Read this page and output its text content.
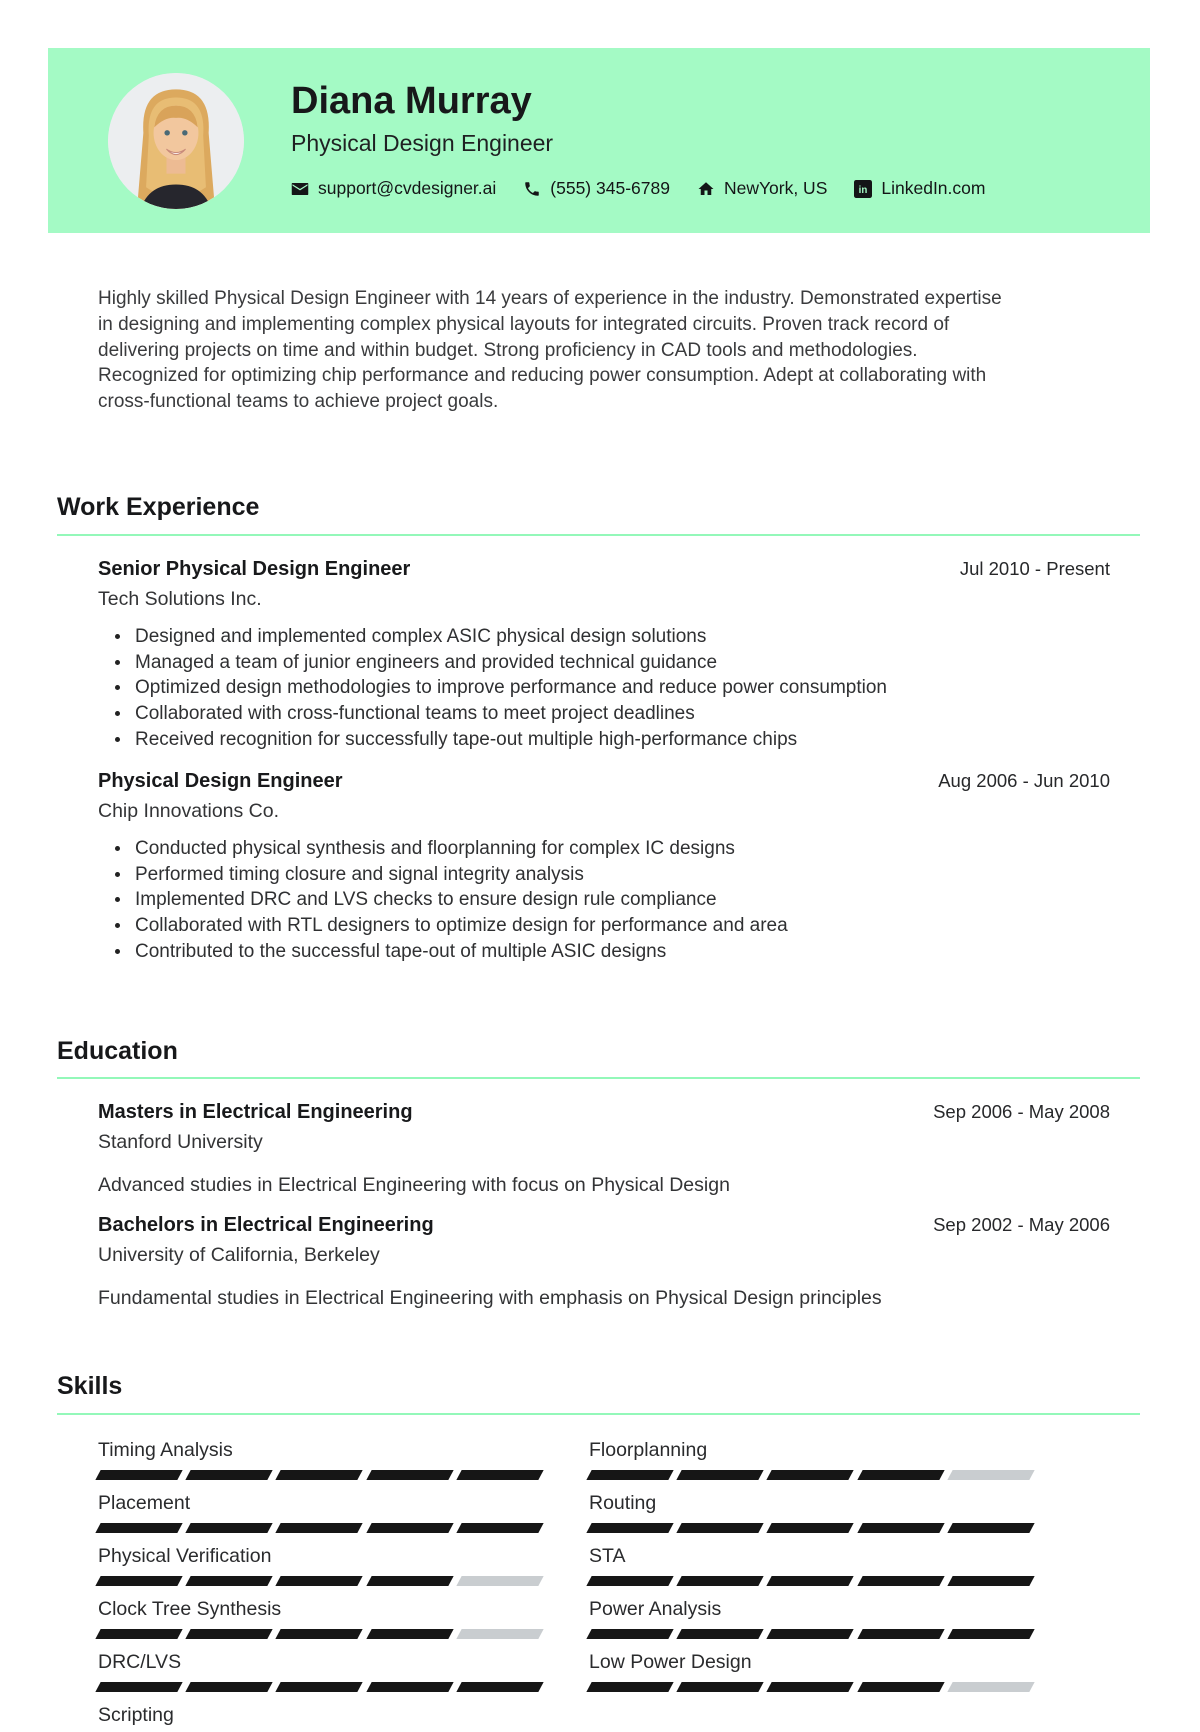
Diana Murray
Physical Design Engineer
support@cvdesigner.ai	(555) 345-6789	NewYork, US in LinkedIn.com

Highly skilled Physical Design Engineer with 14 years of experience in the industry. Demonstrated expertise in designing and implementing complex physical layouts for integrated circuits. Proven track record of delivering projects on time and within budget. Strong proficiency in CAD tools and methodologies. Recognized for optimizing chip performance and reducing power consumption. Adept at collaborating with cross-functional teams to achieve project goals.

Work Experience
Senior Physical Design Engineer	Jul 2010 - Present
Tech Solutions Inc.
Designed and implemented complex ASIC physical design solutions
Managed a team of junior engineers and provided technical guidance
Optimized design methodologies to improve performance and reduce power consumption
Collaborated with cross-functional teams to meet project deadlines
Received recognition for successfully tape-out multiple high-performance chips
Physical Design Engineer	Aug 2006 - Jun 2010
Chip Innovations Co.
Conducted physical synthesis and floorplanning for complex IC designs
Performed timing closure and signal integrity analysis
Implemented DRC and LVS checks to ensure design rule compliance
Collaborated with RTL designers to optimize design for performance and area
Contributed to the successful tape-out of multiple ASIC designs
Education
Masters in Electrical Engineering	Sep 2006 - May 2008
Stanford University
Advanced studies in Electrical Engineering with focus on Physical Design
Bachelors in Electrical Engineering	Sep 2002 - May 2006
University of California, Berkeley
Fundamental studies in Electrical Engineering with emphasis on Physical Design principles
Skills
Timing Analysis	Floorplanning
Placement	Routing
Physical Verification	STA
Clock Tree Synthesis	Power Analysis
DRC/LVS	Low Power Design
Scripting
